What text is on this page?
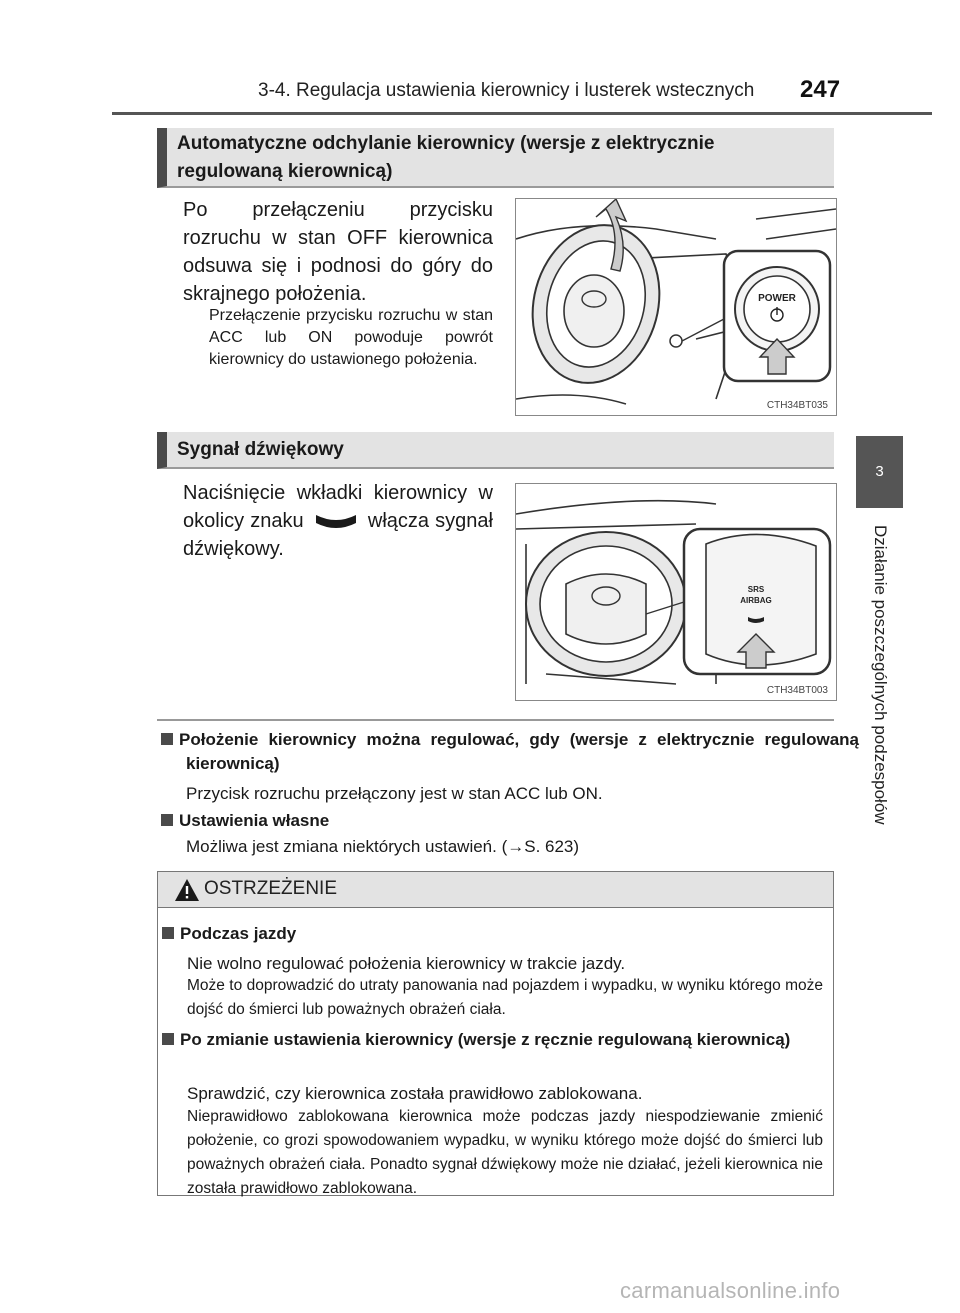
3-4. Regulacja ustawienia kierownicy i lusterek wstecznych 247
3
Działanie poszczególnych podzespołów
Automatyczne odchylanie kierownicy (wersje z elektrycznie regulowaną kierownicą)
Po przełączeniu przycisku rozruchu w stan OFF kierownica odsuwa się i podnosi do góry do skrajnego położenia.
Przełączenie przycisku rozruchu w stan ACC lub ON powoduje powrót kierownicy do ustawionego położenia.
POWER
CTH34BT035
Sygnał dźwiękowy
Naciśnięcie wkładki kierownicy w okolicy znaku	włącza sygnał dźwiękowy.
SRS
AIRBAG
CTH34BT003
Położenie kierownicy można regulować, gdy (wersje z elektrycznie regulowaną kierownicą)
Przycisk rozruchu przełączony jest w stan ACC lub ON.
Ustawienia własne
Możliwa jest zmiana niektórych ustawień. (→S. 623)
OSTRZEŻENIE
Podczas jazdy
Nie wolno regulować położenia kierownicy w trakcie jazdy.
Może to doprowadzić do utraty panowania nad pojazdem i wypadku, w wyniku którego może dojść do śmierci lub poważnych obrażeń ciała.
Po zmianie ustawienia kierownicy (wersje z ręcznie regulowaną kierownicą)
Sprawdzić, czy kierownica została prawidłowo zablokowana.
Nieprawidłowo zablokowana kierownica może podczas jazdy niespodziewanie zmienić położenie, co grozi spowodowaniem wypadku, w wyniku którego może dojść do śmierci lub poważnych obrażeń ciała. Ponadto sygnał dźwiękowy może nie działać, jeżeli kierownica nie została prawidłowo zablokowana.
carmanualsonline.info
